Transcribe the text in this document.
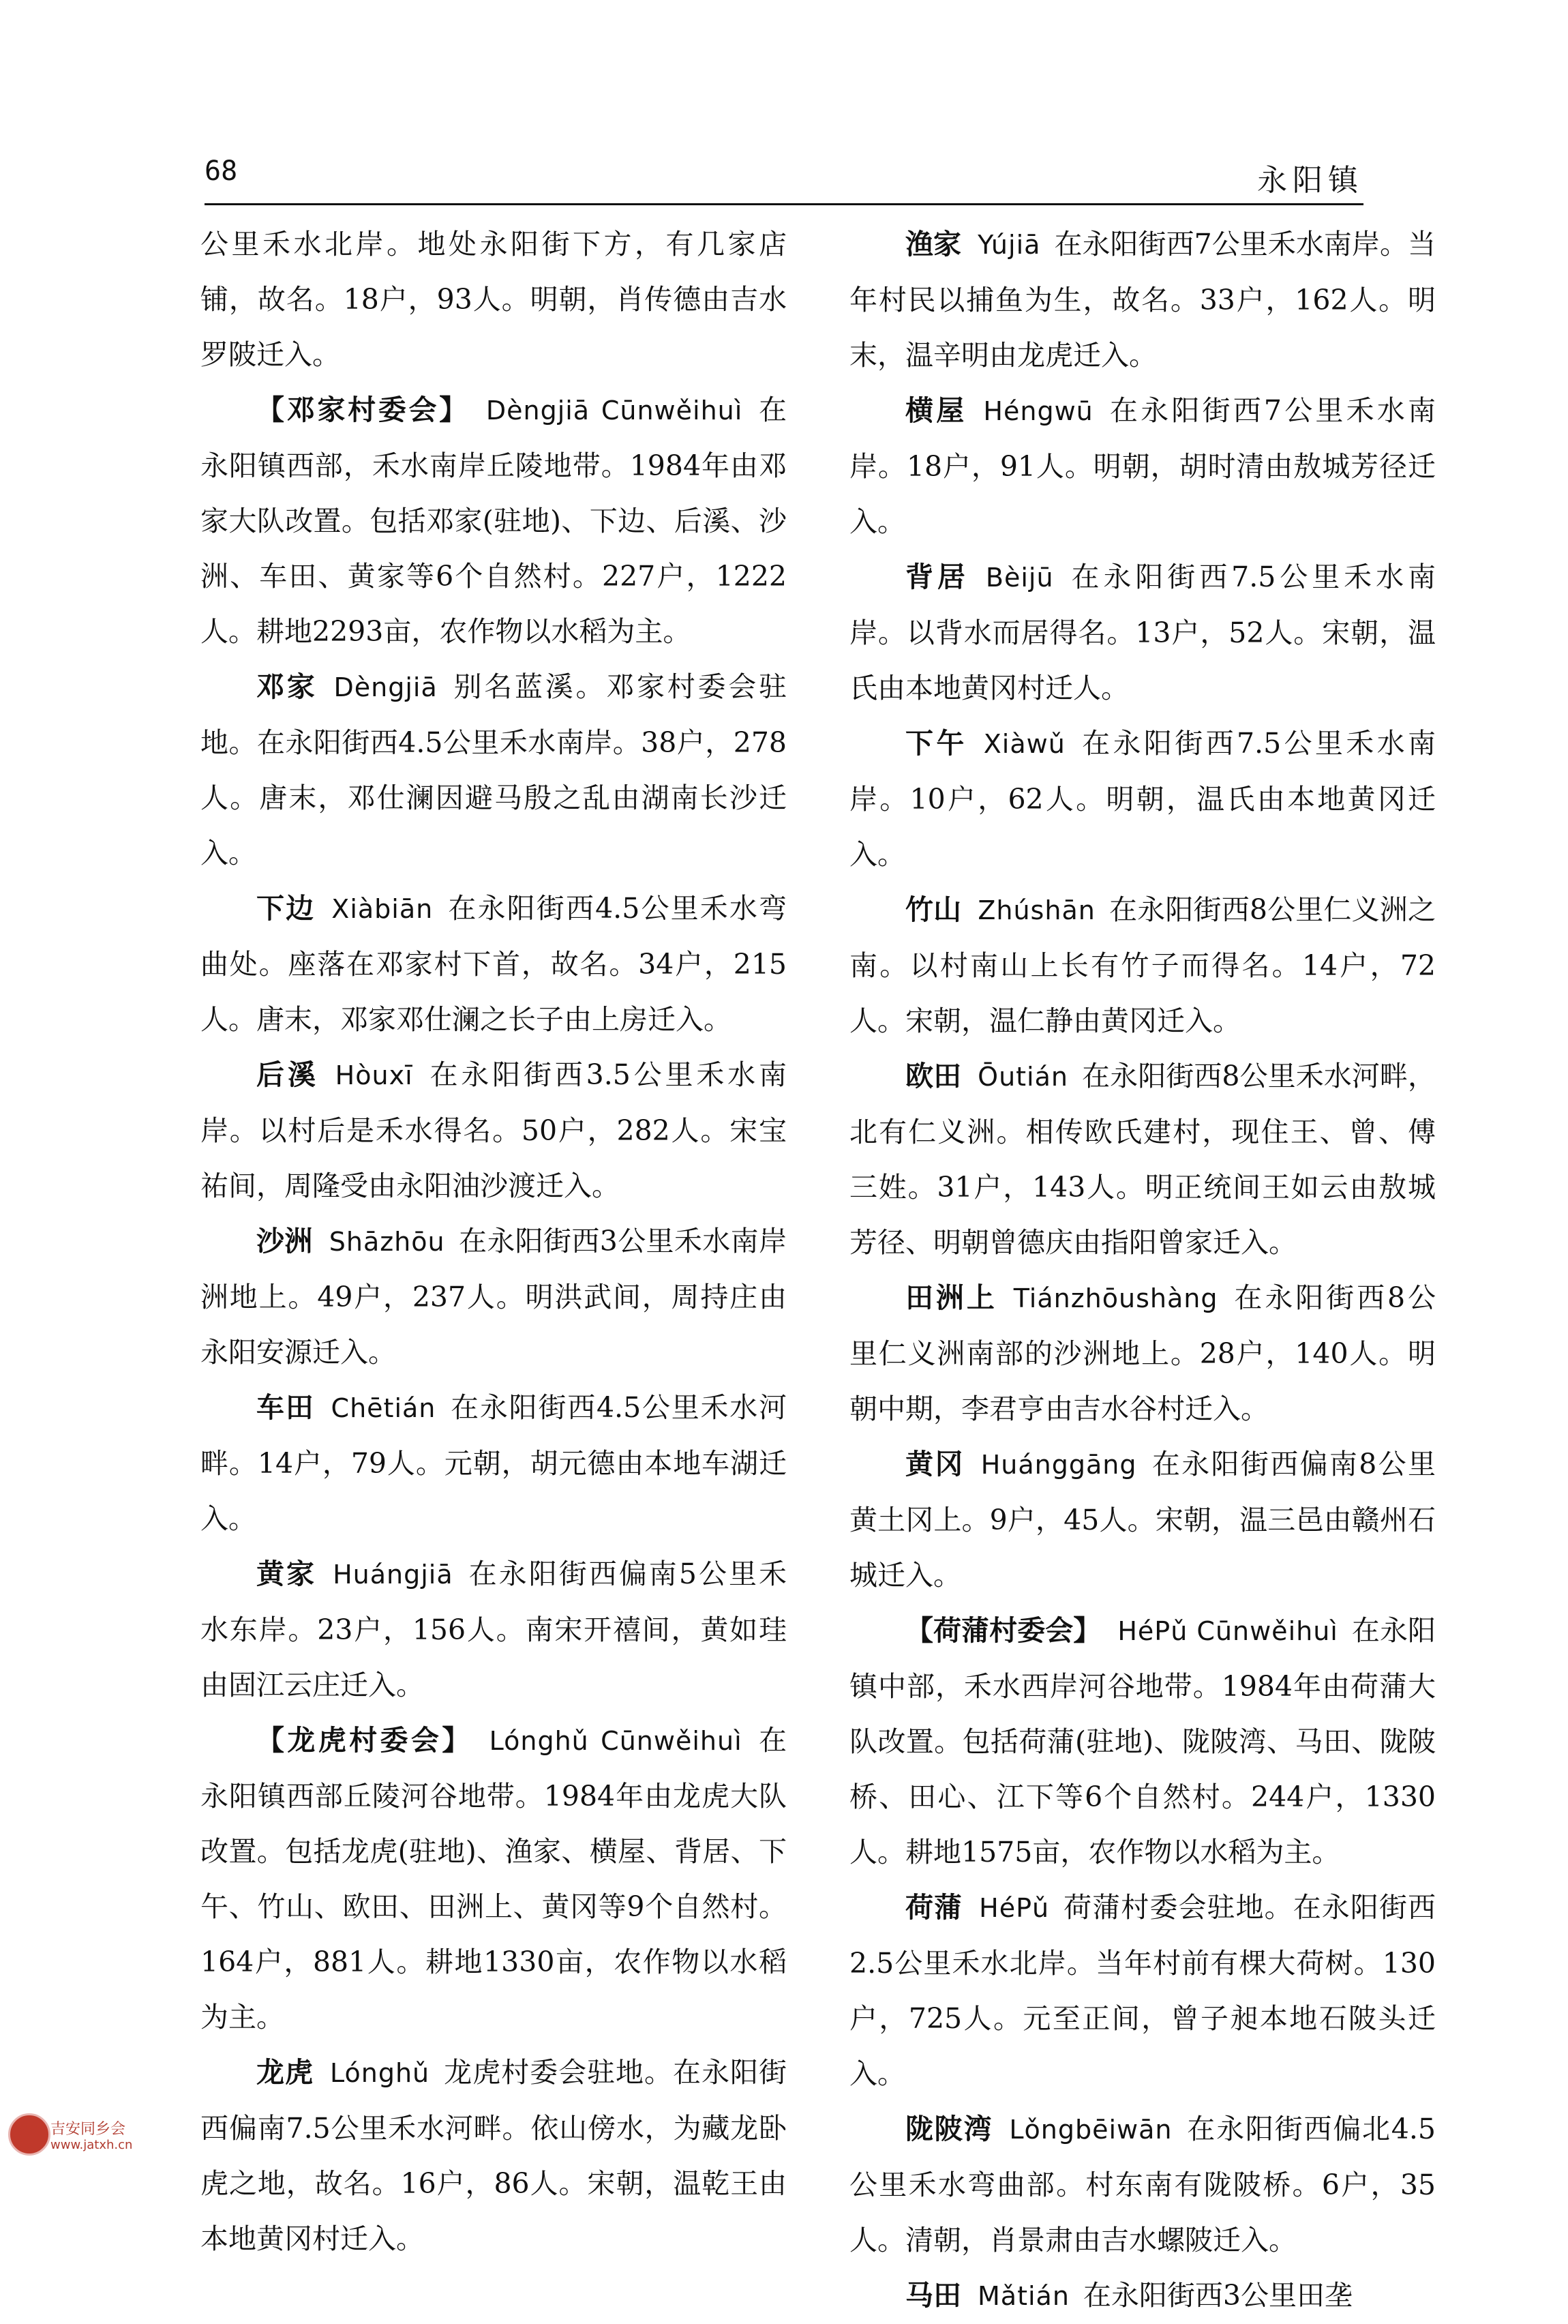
68	永阳镇

公里禾水北岸。地处永阳街下方，有几家店铺，故名。18户，93人。明朝，肖传德由吉水罗陂迁入。

【邓家村委会】 Dèngjiā Cūnwěihuì 在永阳镇西部，禾水南岸丘陵地带。1984年由邓家大队改置。包括邓家(驻地)、下边、后溪、沙洲、车田、黄家等6个自然村。227户，1222人。耕地2293亩，农作物以水稻为主。

邓家 Dèngjiā 别名蓝溪。邓家村委会驻地。在永阳街西4.5公里禾水南岸。38户，278人。唐末，邓仕澜因避马殷之乱由湖南长沙迁入。

下边 Xiàbiān 在永阳街西4.5公里禾水弯曲处。座落在邓家村下首，故名。34户，215人。唐末，邓家邓仕澜之长子由上房迁入。

后溪 Hòuxī 在永阳街西3.5公里禾水南岸。以村后是禾水得名。50户，282人。宋宝祐间，周隆受由永阳油沙渡迁入。

沙洲 Shāzhōu 在永阳街西3公里禾水南岸洲地上。49户，237人。明洪武间，周持庄由永阳安源迁入。

车田 Chētián 在永阳街西4.5公里禾水河畔。14户，79人。元朝，胡元德由本地车湖迁入。

黄家 Huángjiā 在永阳街西偏南5公里禾水东岸。23户，156人。南宋开禧间，黄如珪由固江云庄迁入。

【龙虎村委会】 Lónghǔ Cūnwěihuì 在永阳镇西部丘陵河谷地带。1984年由龙虎大队改置。包括龙虎(驻地)、渔家、横屋、背居、下午、竹山、欧田、田洲上、黄冈等9个自然村。164户，881人。耕地1330亩，农作物以水稻为主。

龙虎 Lónghǔ 龙虎村委会驻地。在永阳街西偏南7.5公里禾水河畔。依山傍水，为藏龙卧虎之地，故名。16户，86人。宋朝，温乾王由本地黄冈村迁入。

渔家 Yújiā 在永阳街西7公里禾水南岸。当年村民以捕鱼为生，故名。33户，162人。明末，温辛明由龙虎迁入。

横屋 Héngwū 在永阳街西7公里禾水南岸。18户，91人。明朝，胡时清由敖城芳径迁入。

背居 Bèijū 在永阳街西7.5公里禾水南岸。以背水而居得名。13户，52人。宋朝，温氏由本地黄冈村迁人。

下午 Xiàwǔ 在永阳街西7.5公里禾水南岸。10户，62人。明朝，温氏由本地黄冈迁入。

竹山 Zhúshān 在永阳街西8公里仁义洲之南。以村南山上长有竹子而得名。14户，72人。宋朝，温仁静由黄冈迁入。

欧田 Ōutián 在永阳街西8公里禾水河畔，北有仁义洲。相传欧氏建村，现住王、曾、傅三姓。31户，143人。明正统间王如云由敖城芳径、明朝曾德庆由指阳曾家迁入。

田洲上 Tiánzhōushàng 在永阳街西8公里仁义洲南部的沙洲地上。28户，140人。明朝中期，李君亨由吉水谷村迁入。

黄冈 Huánggāng 在永阳街西偏南8公里黄土冈上。9户，45人。宋朝，温三邑由赣州石城迁入。

【荷蒲村委会】 HéPǔ Cūnwěihuì 在永阳镇中部，禾水西岸河谷地带。1984年由荷蒲大队改置。包括荷蒲(驻地)、陇陂湾、马田、陇陂桥、田心、江下等6个自然村。244户，1330人。耕地1575亩，农作物以水稻为主。

荷蒲 HéPǔ 荷蒲村委会驻地。在永阳街西2.5公里禾水北岸。当年村前有棵大荷树。130户，725人。元至正间，曾子昶本地石陂头迁入。

陇陂湾 Lǒngbēiwān 在永阳街西偏北4.5公里禾水弯曲部。村东南有陇陂桥。6户，35人。清朝，肖景肃由吉水螺陂迁入。

马田 Mǎtián 在永阳街西3公里田垄

吉安同乡会
www.jatxh.cn
